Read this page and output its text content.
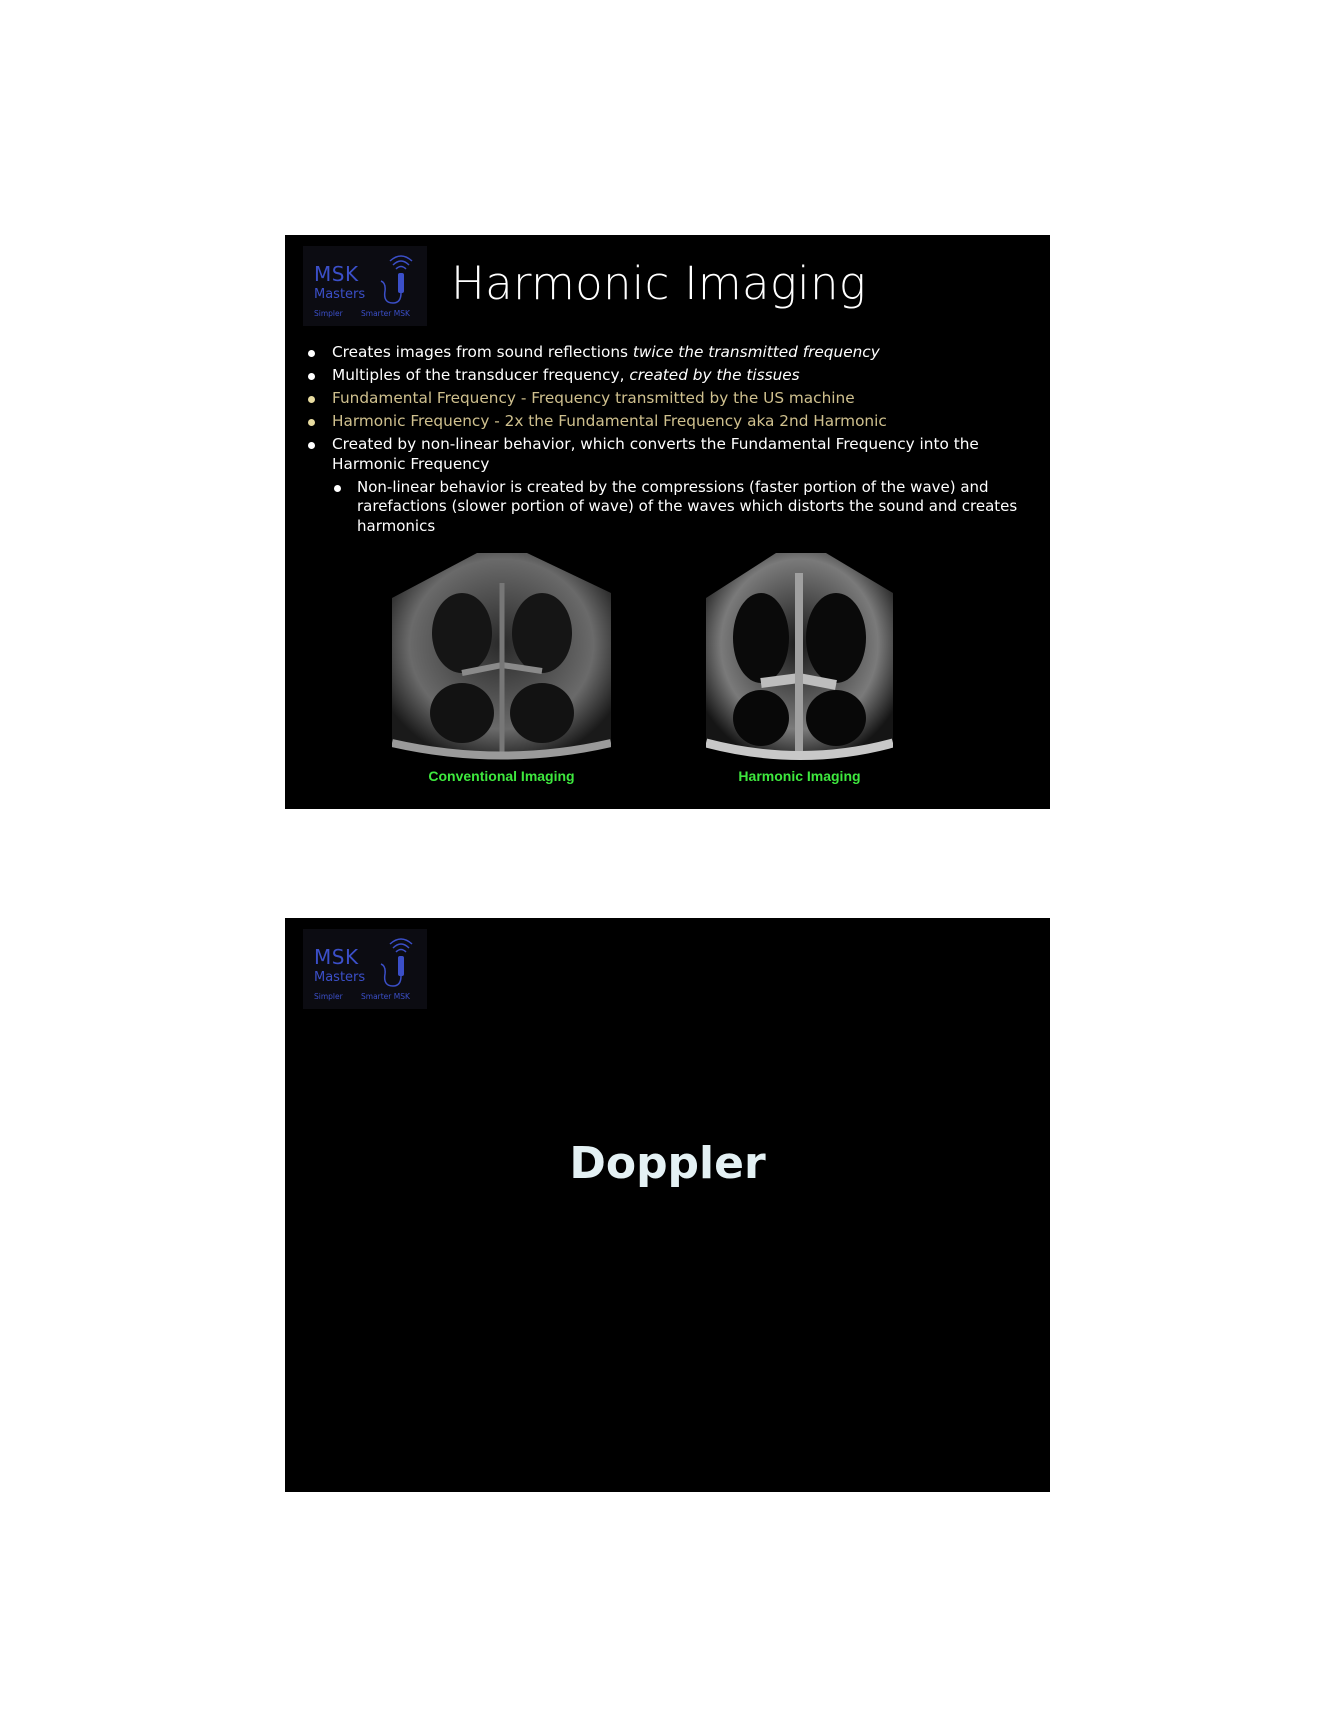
MSK
Masters
Simpler Smarter MSK
Harmonic Imaging
Creates images from sound reflections twice the transmitted frequency
Multiples of the transducer frequency, created by the tissues
Fundamental Frequency - Frequency transmitted by the US machine
Harmonic Frequency - 2x the Fundamental Frequency aka 2nd Harmonic
Created by non-linear behavior, which converts the Fundamental Frequency into the Harmonic Frequency
Non-linear behavior is created by the compressions (faster portion of the wave) and rarefactions (slower portion of wave) of the waves which distorts the sound and creates harmonics
Conventional Imaging	Harmonic Imaging
MSK
Masters
Simpler Smarter MSK
Doppler
